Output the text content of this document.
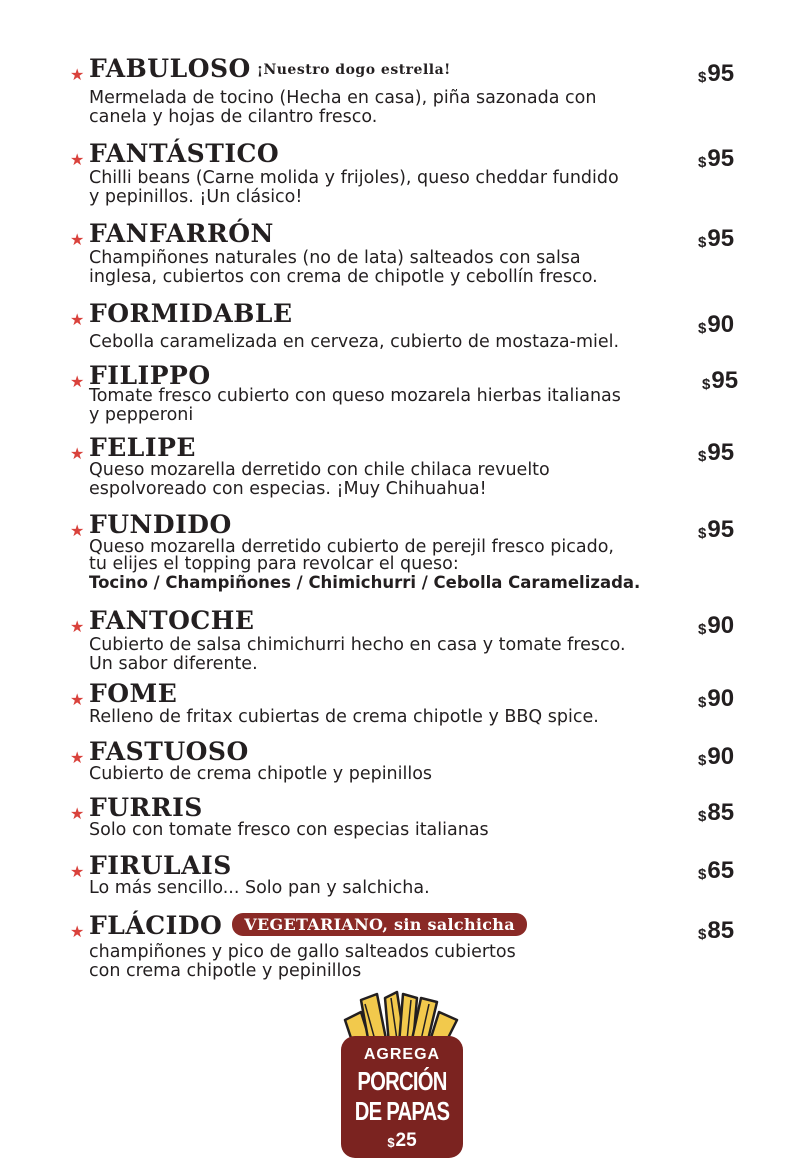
★ FABULOSO ¡Nuestro dogo estrella!	$95
Mermelada de tocino (Hecha en casa), piña sazonada con
canela y hojas de cilantro fresco.
★ FANTÁSTICO	$95
Chilli beans (Carne molida y frijoles), queso cheddar fundido
y pepinillos. ¡Un clásico!
★ FANFARRÓN	$95
Champiñones naturales (no de lata) salteados con salsa
inglesa, cubiertos con crema de chipotle y cebollín fresco.
★ FORMIDABLE
$90
Cebolla caramelizada en cerveza, cubierto de mostaza-miel.
★ FILIPPO	$95
Tomate fresco cubierto con queso mozarela hierbas italianas
y pepperoni
★ FELIPE	$95
Queso mozarella derretido con chile chilaca revuelto
espolvoreado con especias. ¡Muy Chihuahua!
★ FUNDIDO	$95
Queso mozarella derretido cubierto de perejil fresco picado,
tu elijes el topping para revolcar el queso:
Tocino / Champiñones / Chimichurri / Cebolla Caramelizada.
★ FANTOCHE	$90
Cubierto de salsa chimichurri hecho en casa y tomate fresco.
Un sabor diferente.
★ FOME	$90
Relleno de fritax cubiertas de crema chipotle y BBQ spice.
★ FASTUOSO	$90
Cubierto de crema chipotle y pepinillos
★ FURRIS	$85
Solo con tomate fresco con especias italianas
★ FIRULAIS	$65
Lo más sencillo... Solo pan y salchicha.
★ FLÁCIDO VEGETARIANO, sin salchicha
$85
champiñones y pico de gallo salteados cubiertos
con crema chipotle y pepinillos
AGREGA
PORCIÓN
DE PAPAS
$25
